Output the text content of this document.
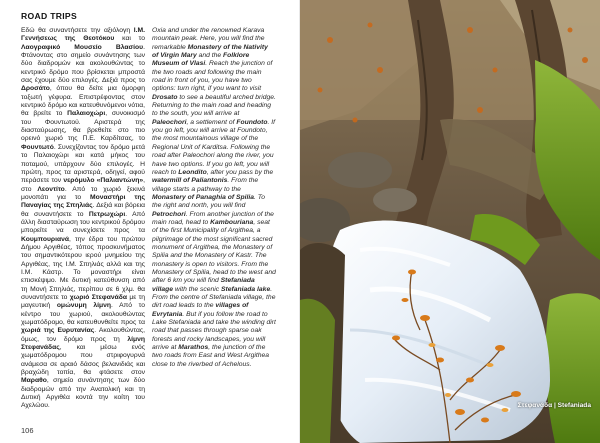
ROAD TRIPS

Εδώ θα συναντήσετε την αξιόλογη Ι.Μ. Γεννήσεως της Θεοτόκου και το Λαογραφικό Μουσείο Βλασίου. Φτάνοντας στο σημείο συνάντησης των δύο διαδρομών και ακολουθώντας το κεντρικό δρόμο που βρίσκεται μπροστά σας έχουμε δύο επιλογές. Δεξιά προς το Δροσάτο, όπου θα δείτε μια όμορφη τοξωτή γέφυρα. Επιστρέφοντας στον κεντρικό δρόμο και κατευθυνόμενοι νότια, θα βρείτε το Παλαιοχώρι, συνοικισμό του Φουντωτού. Αριστερά της διασταύρωσης, θα βρεθείτε στο πιο ορεινό χωριό της Π.Ε. Καρδίτσας, το Φουντωτό. Συνεχίζοντας τον δρόμο μετά το Παλαιοχώρι και κατά μήκος του ποταμού, υπάρχουν δύο επιλογές. Η πρώτη, προς τα αριστερά, οδηγεί, αφού περάσετε τον νερόμυλο «Παλιαντώνη», στο Λεοντίτο. Από το χωριό ξεκινά μονοπάτι για το Μοναστήρι της Παναγίας της Σπηλιάς. Δεξιά και βόρεια θα συναντήσετε το Πετρωχώρι. Από άλλη διασταύρωση του κεντρικού δρόμου μπορείτε να συνεχίσετε προς τα Κουμπουριανά, την έδρα του πρώτου Δήμου Αργιθέας, τόπος προσκυνήματος του σημαντικότερου ιερού μνημείου της Αργιθέας, της Ι.Μ. Σπηλιάς αλλά και της Ι.Μ. Κάστρ. Το μοναστήρι είναι επισκέψιμο. Με δυτική κατεύθυνση από τη Μονή Σπηλιάς, περίπου σε 6 χλμ. θα συναντήσετε το χωριό Στεφανάδα με τη μαγευτική ομώνυμη λίμνη. Από το κέντρο του χωριού, ακολουθώντας χωματόδρομο, θα κατευθυνθείτε προς τα χωριά της Ευρυτανίας. Ακολουθώντας, όμως, τον δρόμο προς τη λίμνη Στεφανάδας, και μέσω ενός χωματόδρομου που στριφογυρνά ανάμεσα σε αραιό δάσος βελανιδιάς και βραχώδη τοπία, θα φτάσετε στον Μαραθο, σημείο συνάντησης των δύο διαδρομών από την Ανατολική και τη Δυτική Αργιθέα κοντά την κοίτη του Αχελώου.

Oxia and under the renowned Karava mountain peak. Here, you will find the remarkable Monastery of the Nativity of Virgin Mary and the Folklore Museum of Vlasi. Reach the junction of the two roads and following the main road in front of you, you have two options: turn right, if you want to visit Drosato to see a beautiful arched bridge. Returning to the main road and heading to the south, you will arrive at Paleochori, a settlement of Foundoto. If you go left, you will arrive at Foundoto, the most mountainous village of the Regional Unit of Karditsa. Following the road after Paleochori along the river, you have two options. If you go left, you will reach to Leonditο, after you pass by the watermill of Paliantonis. From the village starts a pathway to the Monastery of Panaghia of Spilia. To the right and north, you will find Petrochori. From another junction of the main road, head to Kambouriana, seat of the first Municipality of Argithea, a pilgrimage of the most significant sacred monument of Argithea, the Monastery of Spilia and the Monastery of Kastr. The monastery is open to visitors. From the Monastery of Spilia, head to the west and after 6 km you will find Stefaniada village with the scenic Stefaniada lake. From the centre of Stefaniada village, the dirt road leads to the villages of Evrytania. But if you follow the road to Lake Stefaniada and take the winding dirt road that passes through sparse oak forests and rocky landscapes, you will arrive at Marathos, the junction of the two roads from East and West Argithea close to the riverbed of Achelous.

106
Στεφανάδα | Stefaniada
